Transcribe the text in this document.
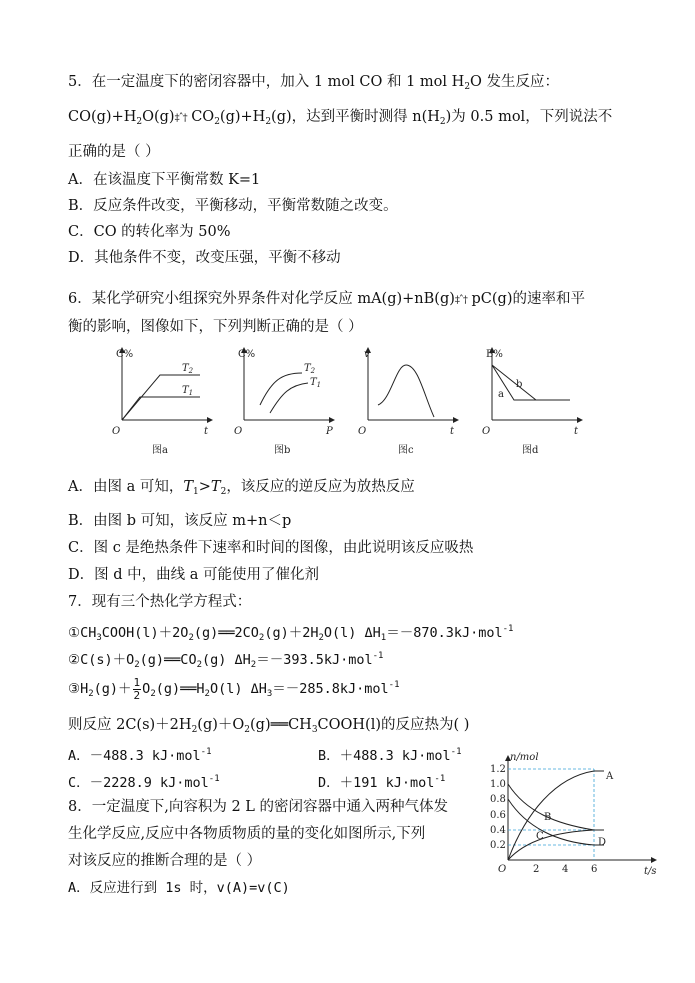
5．在一定温度下的密闭容器中，加入 1 mol CO 和 1 mol $H_2O$ 发生反应：
$CO(g)+H_2O(g)\ddagger ˆ\dagger$ $CO_2(g)+H_2(g)$，达到平衡时测得 $n(H_2)$为 0.5 mol，下列说法不
正确的是（ ）
A．在该温度下平衡常数 K=1
B．反应条件改变，平衡移动，平衡常数随之改变。
C．CO 的转化率为 50%
D．其他条件不变，改变压强，平衡不移动
6．某化学研究小组探究外界条件对化学反应 mA(g)+nB(g)‡ˆ† pC(g)的速率和平
衡的影响，图像如下，下列判断正确的是（ ）
C%
t
O
$T_2$
$T_1$
图a
C%
P
O
$T_2$
$T_1$
图b
v
t
O
图c
B%
t
O
b
a
图d
A．由图 a 可知，$T_1>T_2$，该反应的逆反应为放热反应
B．由图 b 可知，该反应 m+n＜p
C．图 c 是绝热条件下速率和时间的图像，由此说明该反应吸热
D．图 d 中，曲线 a 可能使用了催化剂
7．现有三个热化学方程式：
$①CH_3COOH(l)+2O_2(g)══2CO_2(g)+2H_2O(l)$ $\Delta H_1=-870.3kJ\cdot mol^{-1}$
$②C(s)+O_2(g)══CO_2(g)$ $\Delta H_2=-393.5kJ\cdot mol^{-1}$
$③H_2(g)+ \frac{1}{2}$ $O_2(g)══H_2O(l)$ $\Delta H_3=-285.8kJ\cdot mol^{-1}$
则反应 $2C(s)+2H_2(g)+O_2(g)══CH_3COOH(l)$的反应热为( )
A．－488.3 kJ·mol$^{-1}$	B．＋488.3 kJ·mol$^{-1}$
C．－2228.9 kJ·mol$^{-1}$	D．＋191 kJ·mol$^{-1}$
8．一定温度下,向容积为 2 L 的密闭容器中通入两种气体发
生化学反应,反应中各物质物质的量的变化如图所示,下列
对该反应的推断合理的是（ ）
A．反应进行到 1s 时，v(A)=v(C)
n/mol
t/s
O
1.2
1.0
0.8
0.6
0.4
0.2
2 4 6
A
B
C
D
